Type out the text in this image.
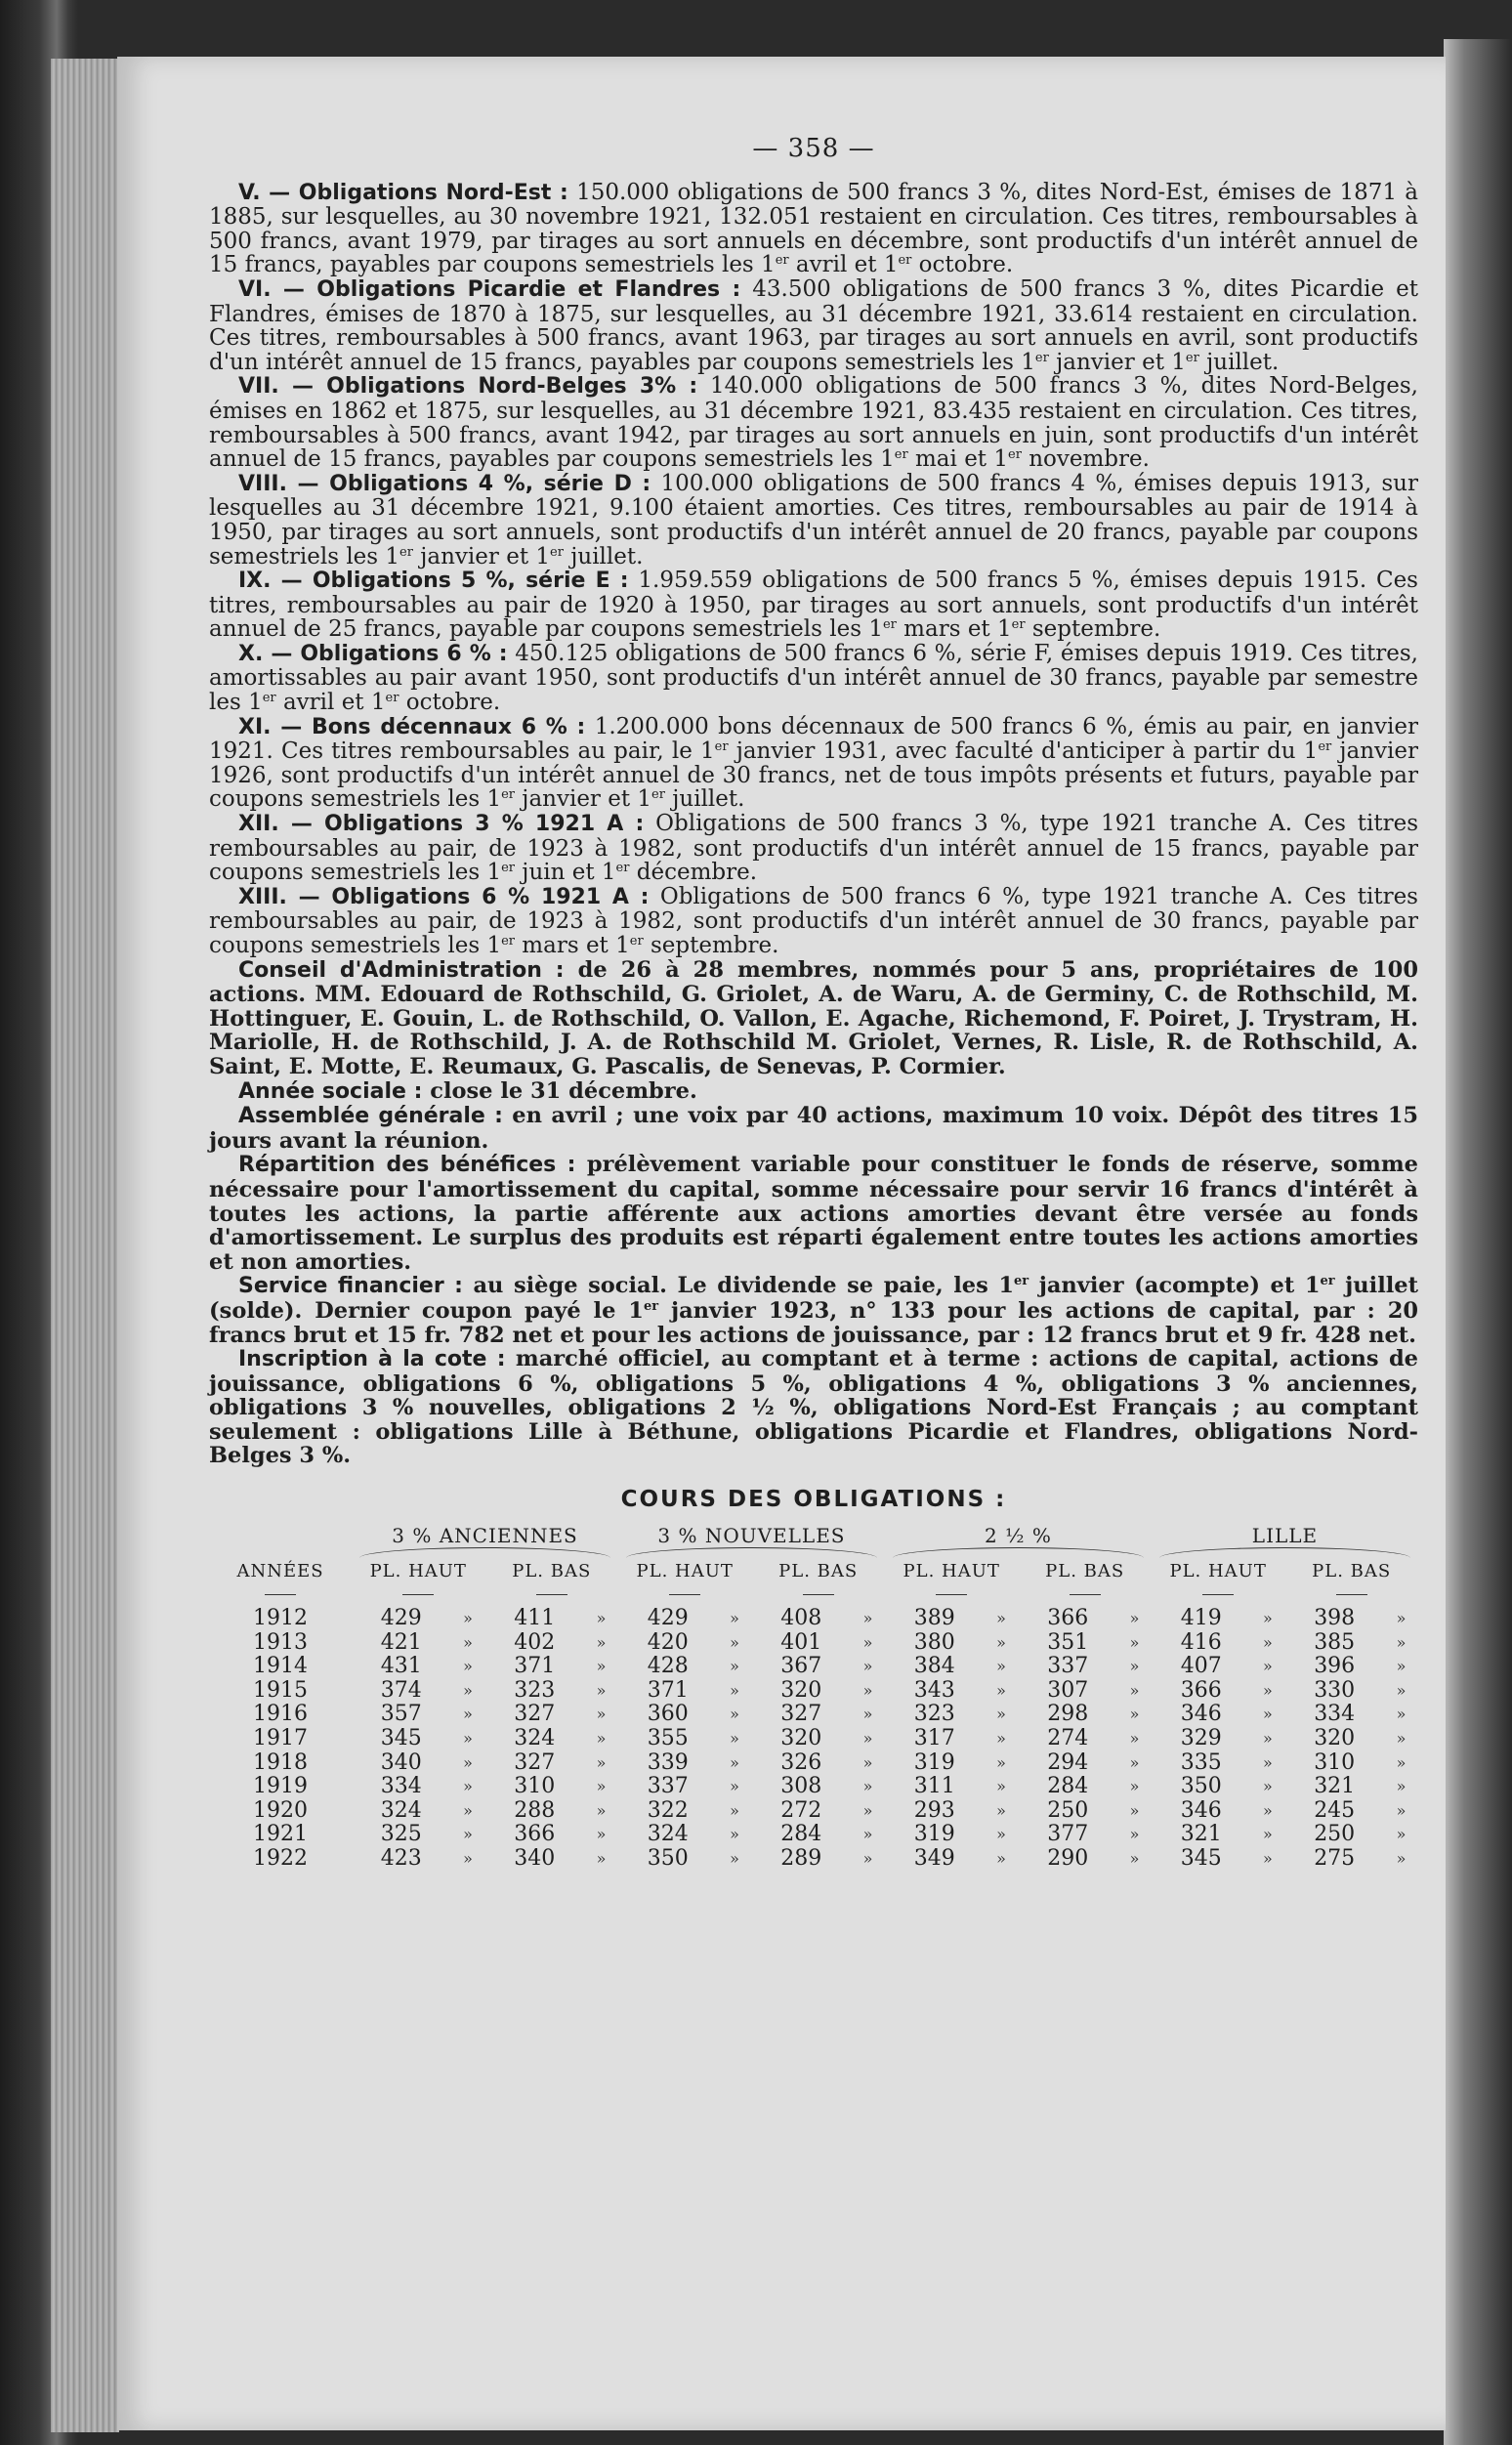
— 358 —

V. — Obligations Nord-Est : 150.000 obligations de 500 francs 3 %, dites Nord-Est, émises de 1871 à 1885, sur lesquelles, au 30 novembre 1921, 132.051 restaient en circulation. Ces titres, remboursables à 500 francs, avant 1979, par tirages au sort annuels en décembre, sont productifs d'un intérêt annuel de 15 francs, payables par coupons semestriels les 1er avril et 1er octobre.

VI. — Obligations Picardie et Flandres : 43.500 obligations de 500 francs 3 %, dites Picardie et Flandres, émises de 1870 à 1875, sur lesquelles, au 31 décembre 1921, 33.614 restaient en circulation. Ces titres, remboursables à 500 francs, avant 1963, par tirages au sort annuels en avril, sont productifs d'un intérêt annuel de 15 francs, payables par coupons semestriels les 1er janvier et 1er juillet.

VII. — Obligations Nord-Belges 3% : 140.000 obligations de 500 francs 3 %, dites Nord-Belges, émises en 1862 et 1875, sur lesquelles, au 31 décembre 1921, 83.435 restaient en circulation. Ces titres, remboursables à 500 francs, avant 1942, par tirages au sort annuels en juin, sont productifs d'un intérêt annuel de 15 francs, payables par coupons semestriels les 1er mai et 1er novembre.

VIII. — Obligations 4 %, série D : 100.000 obligations de 500 francs 4 %, émises depuis 1913, sur lesquelles au 31 décembre 1921, 9.100 étaient amorties. Ces titres, remboursables au pair de 1914 à 1950, par tirages au sort annuels, sont productifs d'un intérêt annuel de 20 francs, payable par coupons semestriels les 1er janvier et 1er juillet.

IX. — Obligations 5 %, série E : 1.959.559 obligations de 500 francs 5 %, émises depuis 1915. Ces titres, remboursables au pair de 1920 à 1950, par tirages au sort annuels, sont productifs d'un intérêt annuel de 25 francs, payable par coupons semestriels les 1er mars et 1er septembre.

X. — Obligations 6 % : 450.125 obligations de 500 francs 6 %, série F, émises depuis 1919. Ces titres, amortissables au pair avant 1950, sont productifs d'un intérêt annuel de 30 francs, payable par semestre les 1er avril et 1er octobre.

XI. — Bons décennaux 6 % : 1.200.000 bons décennaux de 500 francs 6 %, émis au pair, en janvier 1921. Ces titres remboursables au pair, le 1er janvier 1931, avec faculté d'anticiper à partir du 1er janvier 1926, sont productifs d'un intérêt annuel de 30 francs, net de tous impôts présents et futurs, payable par coupons semestriels les 1er janvier et 1er juillet.

XII. — Obligations 3 % 1921 A : Obligations de 500 francs 3 %, type 1921 tranche A. Ces titres remboursables au pair, de 1923 à 1982, sont productifs d'un intérêt annuel de 15 francs, payable par coupons semestriels les 1er juin et 1er décembre.

XIII. — Obligations 6 % 1921 A : Obligations de 500 francs 6 %, type 1921 tranche A. Ces titres remboursables au pair, de 1923 à 1982, sont productifs d'un intérêt annuel de 30 francs, payable par coupons semestriels les 1er mars et 1er septembre.

Conseil d'Administration : de 26 à 28 membres, nommés pour 5 ans, propriétaires de 100 actions. MM. Edouard de Rothschild, G. Griolet, A. de Waru, A. de Germiny, C. de Rothschild, M. Hottinguer, E. Gouin, L. de Rothschild, O. Vallon, E. Agache, Richemond, F. Poiret, J. Trystram, H. Mariolle, H. de Rothschild, J. A. de Rothschild M. Griolet, Vernes, R. Lisle, R. de Rothschild, A. Saint, E. Motte, E. Reumaux, G. Pascalis, de Senevas, P. Cormier.

Année sociale : close le 31 décembre.

Assemblée générale : en avril ; une voix par 40 actions, maximum 10 voix. Dépôt des titres 15 jours avant la réunion.

Répartition des bénéfices : prélèvement variable pour constituer le fonds de réserve, somme nécessaire pour l'amortissement du capital, somme nécessaire pour servir 16 francs d'intérêt à toutes les actions, la partie afférente aux actions amorties devant être versée au fonds d'amortissement. Le surplus des produits est réparti également entre toutes les actions amorties et non amorties.

Service financier : au siège social. Le dividende se paie, les 1er janvier (acompte) et 1er juillet (solde). Dernier coupon payé le 1er janvier 1923, n° 133 pour les actions de capital, par : 20 francs brut et 15 fr. 782 net et pour les actions de jouissance, par : 12 francs brut et 9 fr. 428 net.

Inscription à la cote : marché officiel, au comptant et à terme : actions de capital, actions de jouissance, obligations 6 %, obligations 5 %, obligations 4 %, obligations 3 % anciennes, obligations 3 % nouvelles, obligations 2 ½ %, obligations Nord-Est Français ; au comptant seulement : obligations Lille à Béthune, obligations Picardie et Flandres, obligations Nord-Belges 3 %.

COURS DES OBLIGATIONS :
	3 % ANCIENNES				3 % NOUVELLES				2 ½ %				LILLE			

ANNÉES	PL. HAUT		PL. BAS		PL. HAUT		PL. BAS		PL. HAUT		PL. BAS		PL. HAUT		PL. BAS	

1912	429	»	411	»	429	»	408	»	389	»	366	»	419	»	398	»
1913	421	»	402	»	420	»	401	»	380	»	351	»	416	»	385	»
1914	431	»	371	»	428	»	367	»	384	»	337	»	407	»	396	»
1915	374	»	323	»	371	»	320	»	343	»	307	»	366	»	330	»
1916	357	»	327	»	360	»	327	»	323	»	298	»	346	»	334	»
1917	345	»	324	»	355	»	320	»	317	»	274	»	329	»	320	»
1918	340	»	327	»	339	»	326	»	319	»	294	»	335	»	310	»
1919	334	»	310	»	337	»	308	»	311	»	284	»	350	»	321	»
1920	324	»	288	»	322	»	272	»	293	»	250	»	346	»	245	»
1921	325	»	366	»	324	»	284	»	319	»	377	»	321	»	250	»
1922	423	»	340	»	350	»	289	»	349	»	290	»	345	»	275	»
